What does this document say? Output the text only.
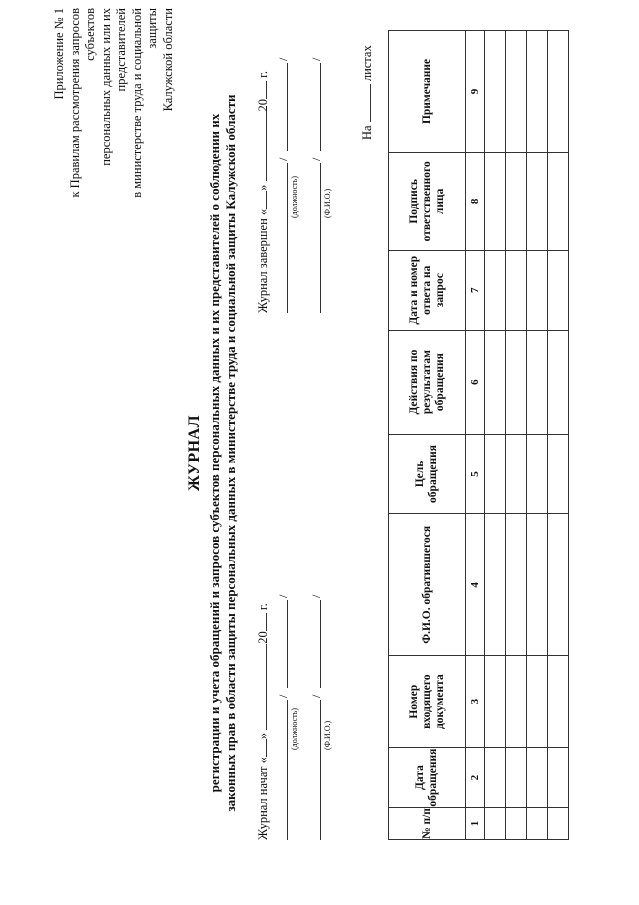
Приложение № 1 к Правилам рассмотрения запросов субъектов персональных данных или их представителей в министерстве труда и социальной защиты Калужской области
ЖУРНАЛ регистрации и учета обращений и запросов субъектов персональных данных и их представителей о соблюдении их законных прав в области защиты персональных данных в министерстве труда и социальной защиты Калужской области Журнал начат «» 20 г.
/
/
(должность)
/
/
(Ф.И.О.)
Журнал завершен «» 20 г.
/
/
(должность)
/
/
(Ф.И.О.)
На  листах
№ п/п	Дата обращения	Номер входящего документа	Ф.И.О. обратившегося	Цель обращения	Действия по результатам обращения	Дата и номер ответа на запрос	Подпись ответственного лица	Примечание
1	2	3	4	5	6	7	8	9
